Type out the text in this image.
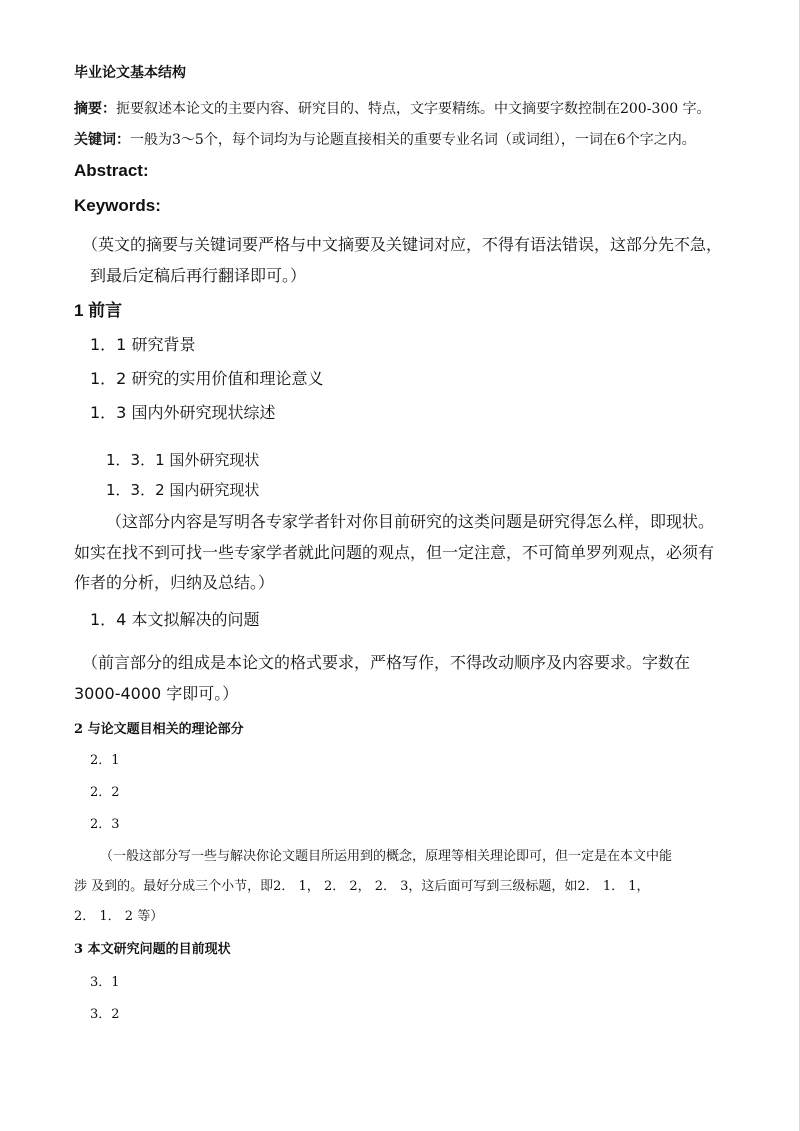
毕业论文基本结构
摘要：扼要叙述本论文的主要内容、研究目的、特点，文字要精练。中文摘要字数控制在200-300 字。
关键词：一般为3～5个，每个词均为与论题直接相关的重要专业名词（或词组），一词在6个字之内。
Abstract:
Keywords:
（英文的摘要与关键词要严格与中文摘要及关键词对应，不得有语法错误，这部分先不急，
到最后定稿后再行翻译即可。）
1 前言
1．1 研究背景
1．2 研究的实用价值和理论意义
1．3 国内外研究现状综述
1．3．1 国外研究现状
1．3．2 国内研究现状
（这部分内容是写明各专家学者针对你目前研究的这类问题是研究得怎么样，即现状。
如实在找不到可找一些专家学者就此问题的观点，但一定注意，不可简单罗列观点，必须有
作者的分析，归纳及总结。）
1．4 本文拟解决的问题
（前言部分的组成是本论文的格式要求，严格写作，不得改动顺序及内容要求。字数在
3000-4000 字即可。）
2 与论文题目相关的理论部分
2．1
2．2
2．3
（一般这部分写一些与解决你论文题目所运用到的概念，原理等相关理论即可，但一定是在本文中能
涉 及到的。最好分成三个小节，即2． 1， 2． 2， 2． 3，这后面可写到三级标题，如2． 1． 1，
2． 1． 2 等）
3 本文研究问题的目前现状
3．1
3．2
